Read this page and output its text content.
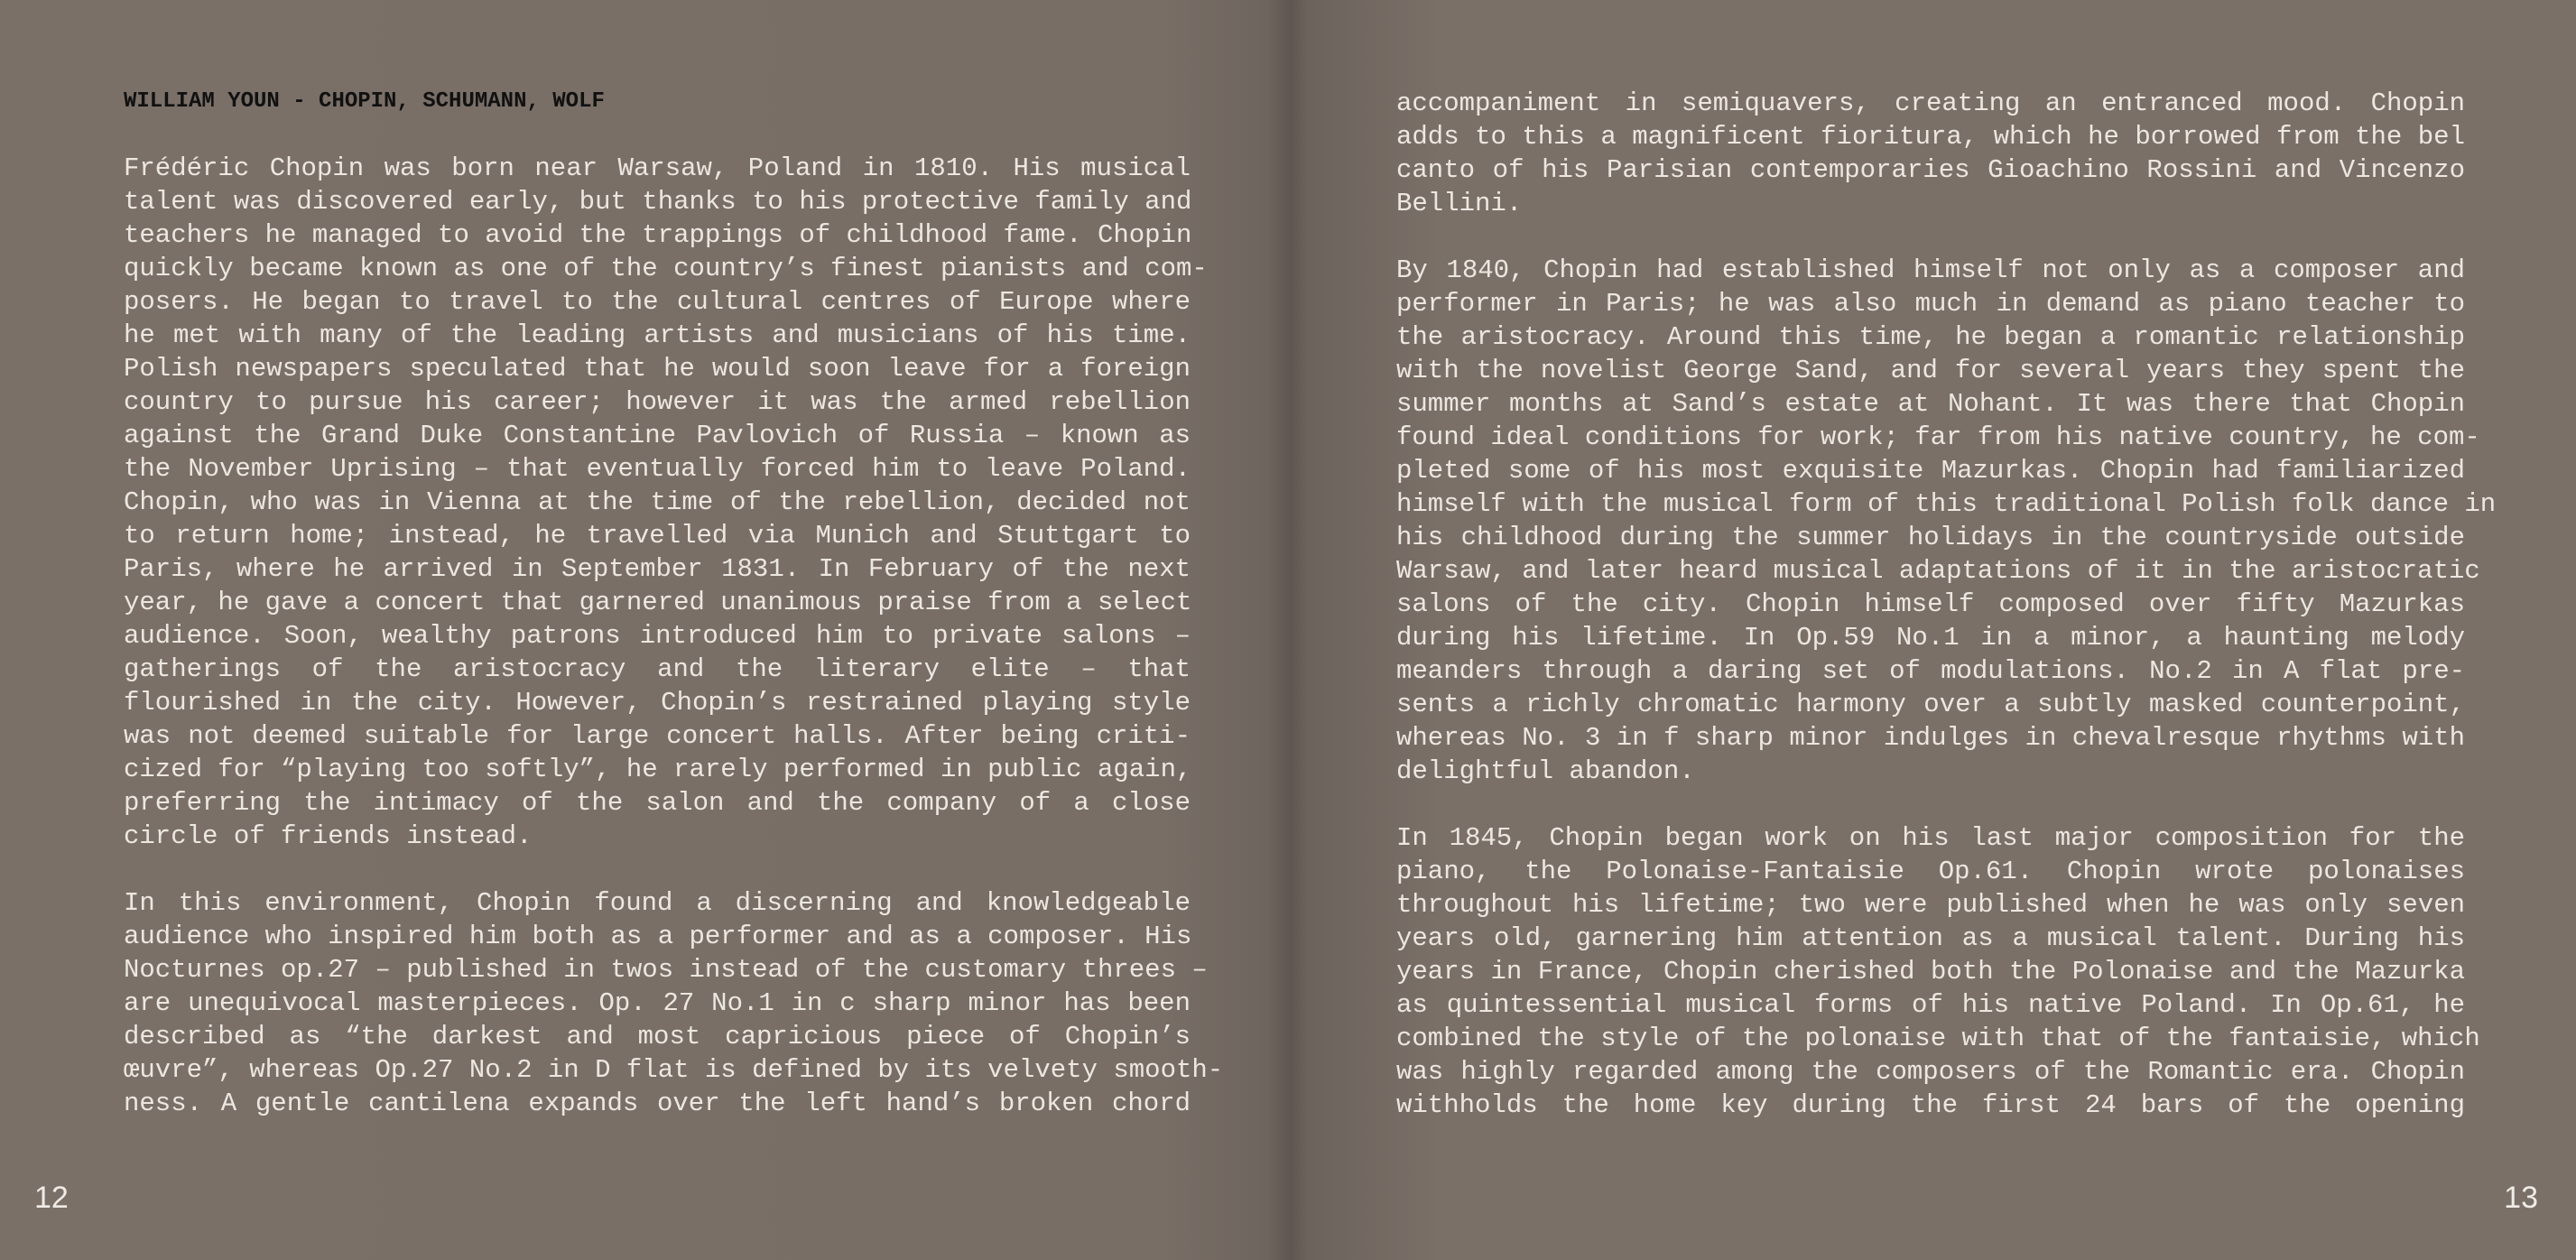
WILLIAM YOUN - CHOPIN, SCHUMANN, WOLF
Frédéric Chopin was born near Warsaw, Poland in 1810. His musical
talent was discovered early, but thanks to his protective family and
teachers he managed to avoid the trappings of childhood fame. Chopin
quickly became known as one of the country’s finest pianists and com-
posers. He began to travel to the cultural centres of Europe where
he met with many of the leading artists and musicians of his time.
Polish newspapers speculated that he would soon leave for a foreign
country to pursue his career; however it was the armed rebellion
against the Grand Duke Constantine Pavlovich of Russia – known as
the November Uprising – that eventually forced him to leave Poland.
Chopin, who was in Vienna at the time of the rebellion, decided not
to return home; instead, he travelled via Munich and Stuttgart to
Paris, where he arrived in September 1831. In February of the next
year, he gave a concert that garnered unanimous praise from a select
audience. Soon, wealthy patrons introduced him to private salons –
gatherings of the aristocracy and the literary elite – that
flourished in the city. However, Chopin’s restrained playing style
was not deemed suitable for large concert halls. After being criti-
cized for “playing too softly”, he rarely performed in public again,
preferring the intimacy of the salon and the company of a close
circle of friends instead.
In this environment, Chopin found a discerning and knowledgeable
audience who inspired him both as a performer and as a composer. His
Nocturnes op.27 – published in twos instead of the customary threes –
are unequivocal masterpieces. Op. 27 No.1 in c sharp minor has been
described as “the darkest and most capricious piece of Chopin’s
œuvre”, whereas Op.27 No.2 in D flat is defined by its velvety smooth-
ness. A gentle cantilena expands over the left hand’s broken chord
12
accompaniment in semiquavers, creating an entranced mood. Chopin
adds to this a magnificent fioritura, which he borrowed from the bel
canto of his Parisian contemporaries Gioachino Rossini and Vincenzo
Bellini.
By 1840, Chopin had established himself not only as a composer and
performer in Paris; he was also much in demand as piano teacher to
the aristocracy. Around this time, he began a romantic relationship
with the novelist George Sand, and for several years they spent the
summer months at Sand’s estate at Nohant. It was there that Chopin
found ideal conditions for work; far from his native country, he com-
pleted some of his most exquisite Mazurkas. Chopin had familiarized
himself with the musical form of this traditional Polish folk dance in
his childhood during the summer holidays in the countryside outside
Warsaw, and later heard musical adaptations of it in the aristocratic
salons of the city. Chopin himself composed over fifty Mazurkas
during his lifetime. In Op.59 No.1 in a minor, a haunting melody
meanders through a daring set of modulations. No.2 in A flat pre-
sents a richly chromatic harmony over a subtly masked counterpoint,
whereas No. 3 in f sharp minor indulges in chevalresque rhythms with
delightful abandon.
In 1845, Chopin began work on his last major composition for the
piano, the Polonaise-Fantaisie Op.61. Chopin wrote polonaises
throughout his lifetime; two were published when he was only seven
years old, garnering him attention as a musical talent. During his
years in France, Chopin cherished both the Polonaise and the Mazurka
as quintessential musical forms of his native Poland. In Op.61, he
combined the style of the polonaise with that of the fantaisie, which
was highly regarded among the composers of the Romantic era. Chopin
withholds the home key during the first 24 bars of the opening
13
